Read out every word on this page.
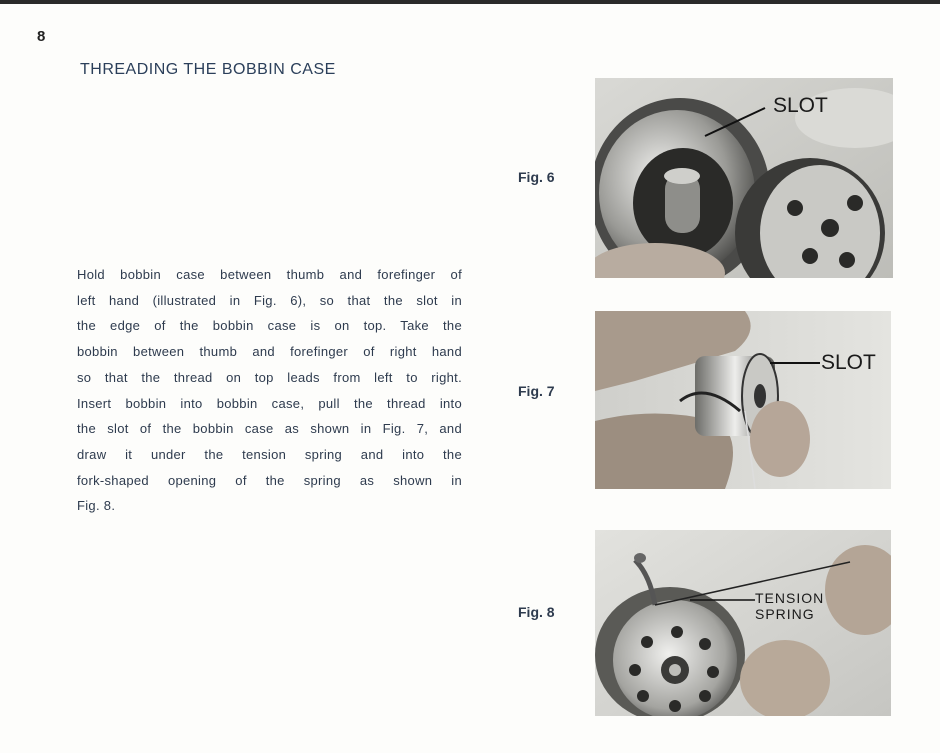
8
THREADING THE BOBBIN CASE
Hold bobbin case between thumb and forefinger of
left hand (illustrated in Fig. 6), so that the slot in
the edge of the bobbin case is on top. Take the
bobbin between thumb and forefinger of right hand
so that the thread on top leads from left to right.
Insert bobbin into bobbin case, pull the thread into
the slot of the bobbin case as shown in Fig. 7, and
draw it under the tension spring and into the
fork-shaped opening of the spring as shown in
Fig. 8.
Fig. 6
SLOT
Fig. 7
SLOT
Fig. 8
TENSION
SPRING
